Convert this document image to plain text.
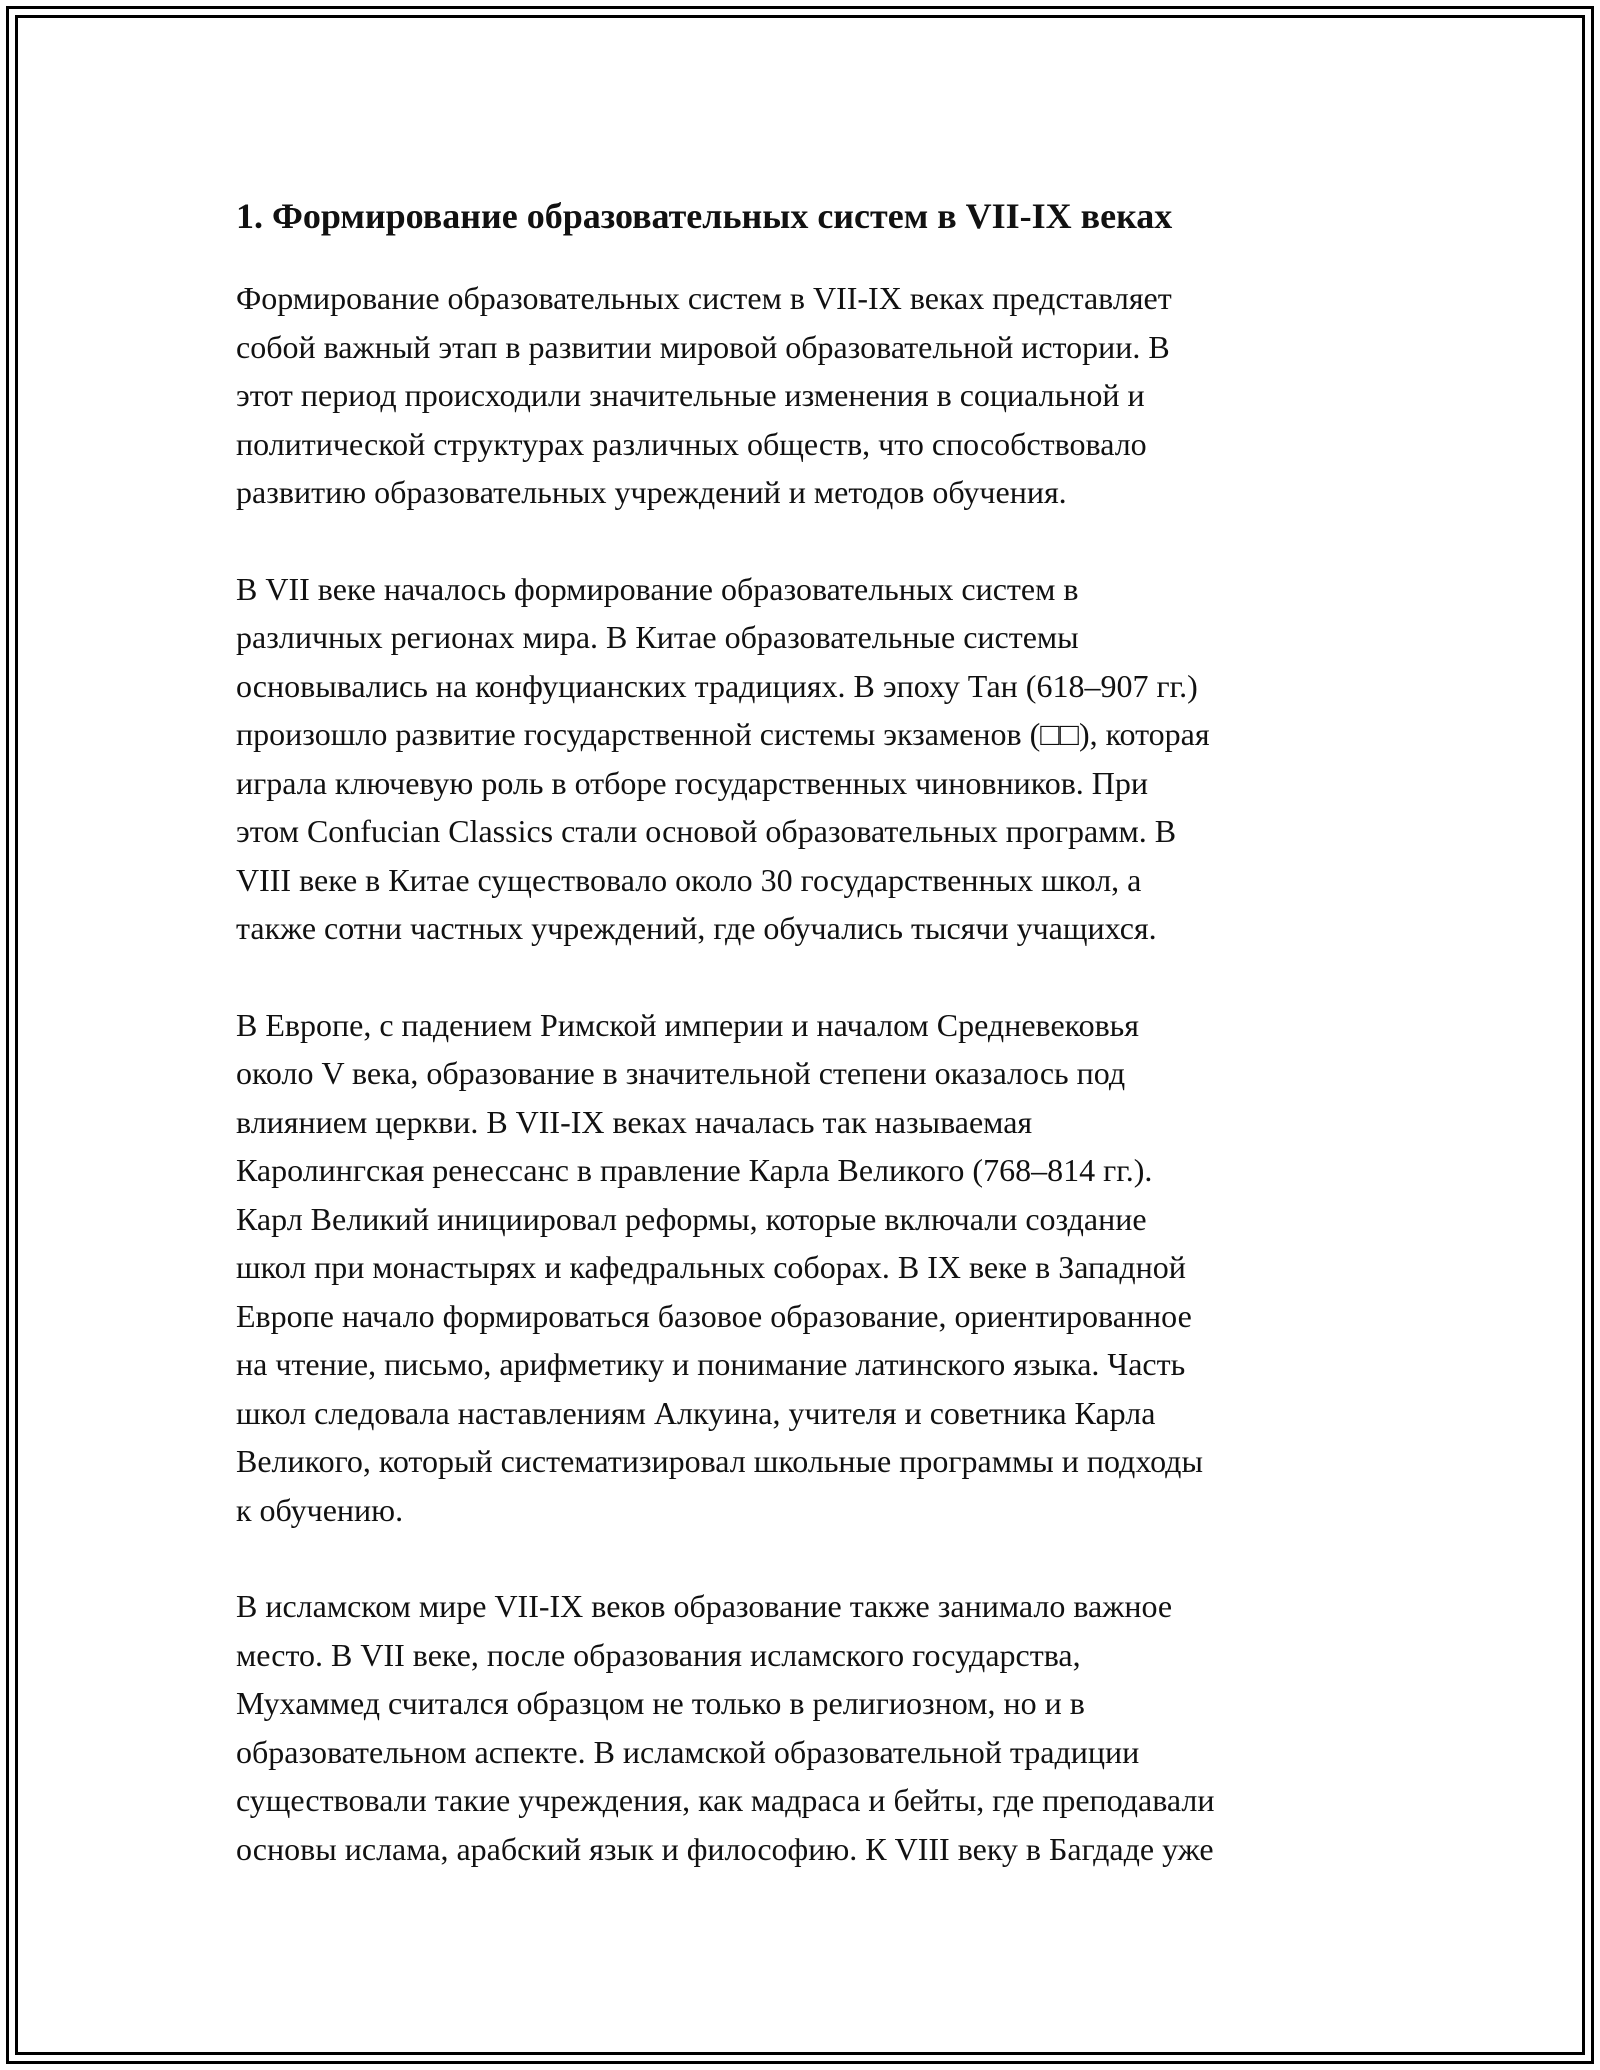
1. Формирование образовательных систем в VII-IX веках

Формирование образовательных систем в VII-IX веках представляет
собой важный этап в развитии мировой образовательной истории. В
этот период происходили значительные изменения в социальной и
политической структурах различных обществ, что способствовало
развитию образовательных учреждений и методов обучения.

В VII веке началось формирование образовательных систем в
различных регионах мира. В Китае образовательные системы
основывались на конфуцианских традициях. В эпоху Тан (618–907 гг.)
произошло развитие государственной системы экзаменов (□□), которая
играла ключевую роль в отборе государственных чиновников. При
этом Confucian Classics стали основой образовательных программ. В
VIII веке в Китае существовало около 30 государственных школ, а
также сотни частных учреждений, где обучались тысячи учащихся.

В Европе, с падением Римской империи и началом Средневековья
около V века, образование в значительной степени оказалось под
влиянием церкви. В VII-IX веках началась так называемая
Каролингская ренессанс в правление Карла Великого (768–814 гг.).
Карл Великий инициировал реформы, которые включали создание
школ при монастырях и кафедральных соборах. В IX веке в Западной
Европе начало формироваться базовое образование, ориентированное
на чтение, письмо, арифметику и понимание латинского языка. Часть
школ следовала наставлениям Алкуина, учителя и советника Карла
Великого, который систематизировал школьные программы и подходы
к обучению.

В исламском мире VII-IX веков образование также занимало важное
место. В VII веке, после образования исламского государства,
Мухаммед считался образцом не только в религиозном, но и в
образовательном аспекте. В исламской образовательной традиции
существовали такие учреждения, как мадраса и бейты, где преподавали
основы ислама, арабский язык и философию. К VIII веку в Багдаде уже
